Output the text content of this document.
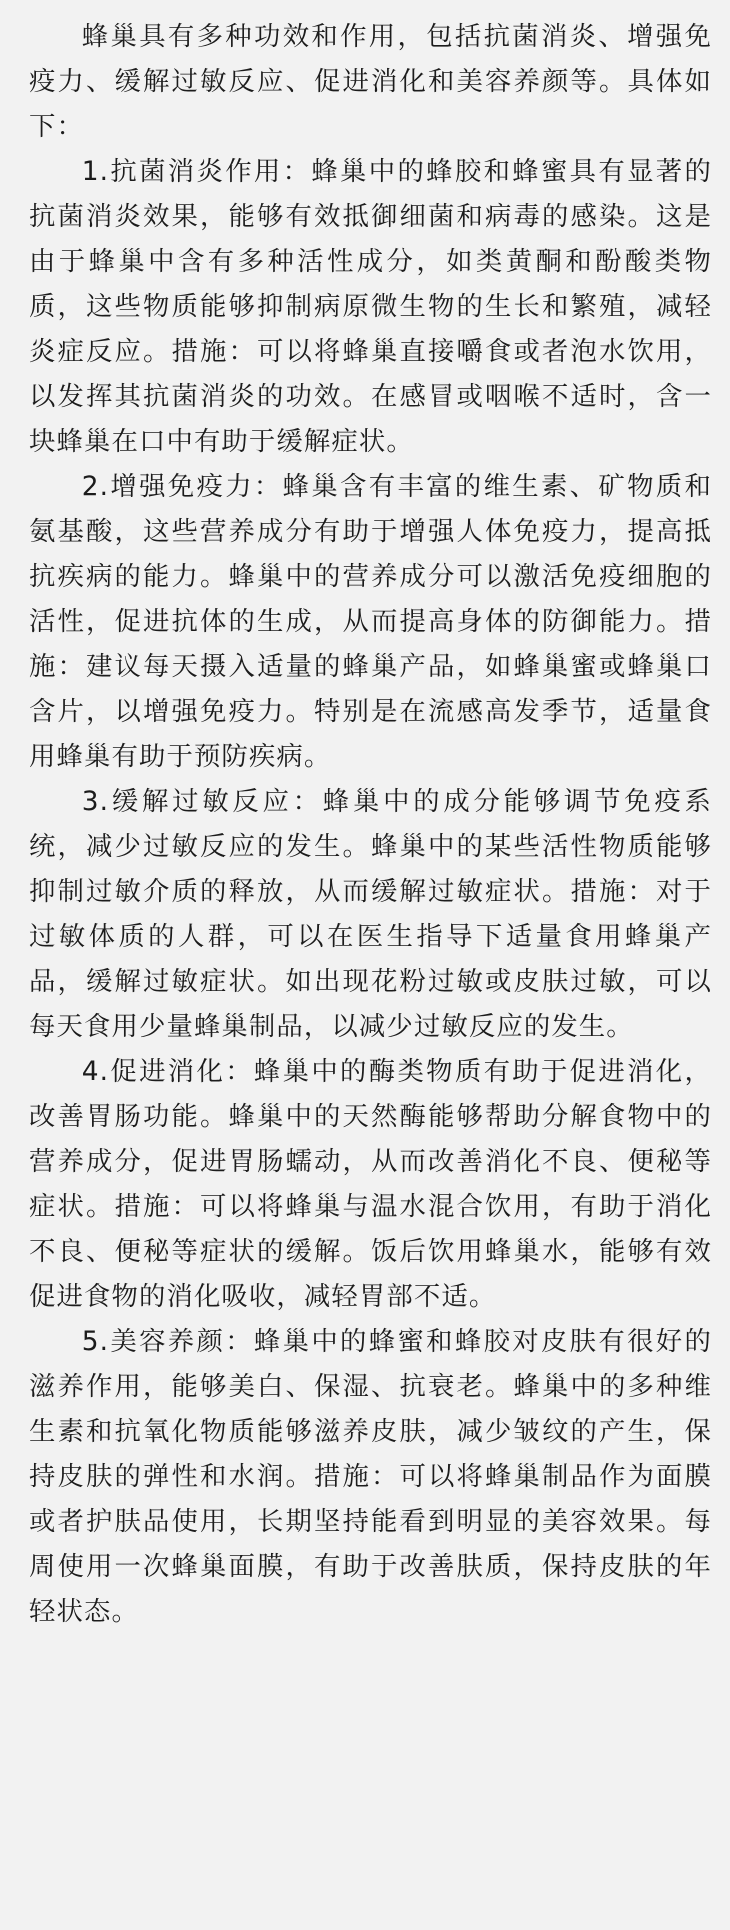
蜂巢具有多种功效和作用，包括抗菌消炎、增强免疫力、缓解过敏反应、促进消化和美容养颜等。具体如下：

1.抗菌消炎作用：蜂巢中的蜂胶和蜂蜜具有显著的抗菌消炎效果，能够有效抵御细菌和病毒的感染。这是由于蜂巢中含有多种活性成分，如类黄酮和酚酸类物质，这些物质能够抑制病原微生物的生长和繁殖，减轻炎症反应。措施：可以将蜂巢直接嚼食或者泡水饮用，以发挥其抗菌消炎的功效。在感冒或咽喉不适时，含一块蜂巢在口中有助于缓解症状。

2.增强免疫力：蜂巢含有丰富的维生素、矿物质和氨基酸，这些营养成分有助于增强人体免疫力，提高抵抗疾病的能力。蜂巢中的营养成分可以激活免疫细胞的活性，促进抗体的生成，从而提高身体的防御能力。措施：建议每天摄入适量的蜂巢产品，如蜂巢蜜或蜂巢口含片，以增强免疫力。特别是在流感高发季节，适量食用蜂巢有助于预防疾病。

3.缓解过敏反应：蜂巢中的成分能够调节免疫系统，减少过敏反应的发生。蜂巢中的某些活性物质能够抑制过敏介质的释放，从而缓解过敏症状。措施：对于过敏体质的人群，可以在医生指导下适量食用蜂巢产品，缓解过敏症状。如出现花粉过敏或皮肤过敏，可以每天食用少量蜂巢制品，以减少过敏反应的发生。

4.促进消化：蜂巢中的酶类物质有助于促进消化，改善胃肠功能。蜂巢中的天然酶能够帮助分解食物中的营养成分，促进胃肠蠕动，从而改善消化不良、便秘等症状。措施：可以将蜂巢与温水混合饮用，有助于消化不良、便秘等症状的缓解。饭后饮用蜂巢水，能够有效促进食物的消化吸收，减轻胃部不适。

5.美容养颜：蜂巢中的蜂蜜和蜂胶对皮肤有很好的滋养作用，能够美白、保湿、抗衰老。蜂巢中的多种维生素和抗氧化物质能够滋养皮肤，减少皱纹的产生，保持皮肤的弹性和水润。措施：可以将蜂巢制品作为面膜或者护肤品使用，长期坚持能看到明显的美容效果。每周使用一次蜂巢面膜，有助于改善肤质，保持皮肤的年轻状态。
